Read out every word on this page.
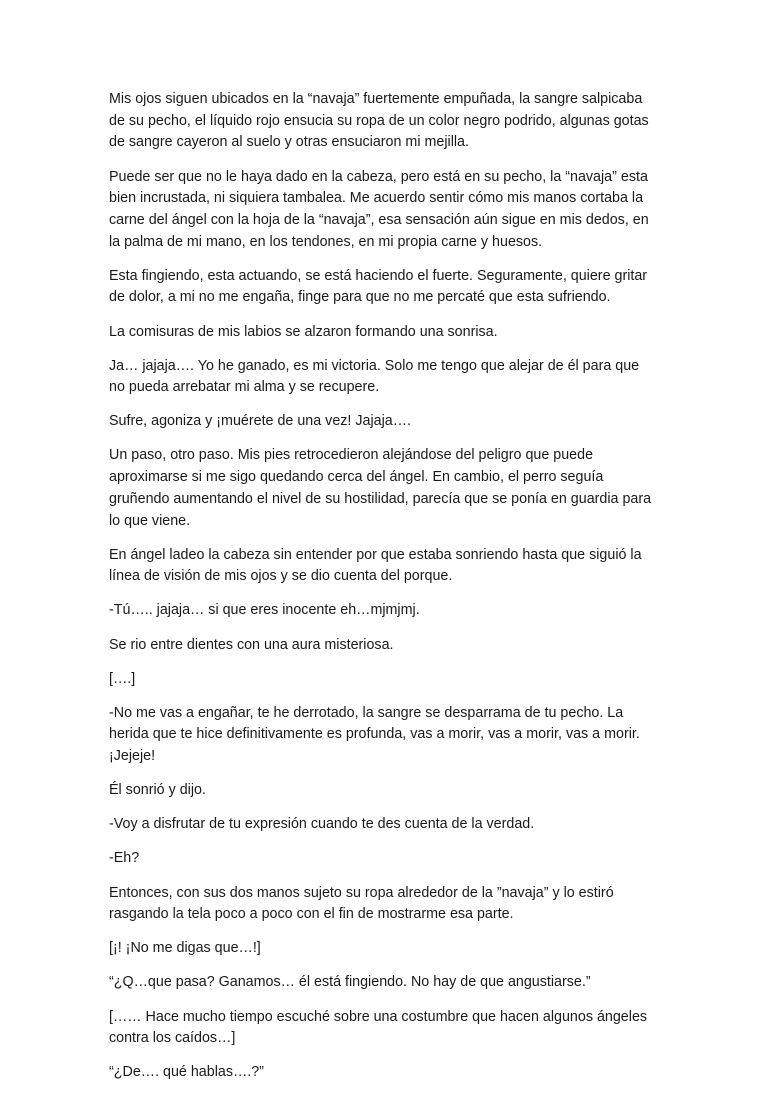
Mis ojos siguen ubicados en la “navaja” fuertemente empuñada, la sangre salpicaba de su pecho, el líquido rojo ensucia su ropa de un color negro podrido, algunas gotas de sangre cayeron al suelo y otras ensuciaron mi mejilla.

Puede ser que no le haya dado en la cabeza, pero está en su pecho, la “navaja” esta bien incrustada, ni siquiera tambalea. Me acuerdo sentir cómo mis manos cortaba la carne del ángel con la hoja de la “navaja”, esa sensación aún sigue en mis dedos, en la palma de mi mano, en los tendones, en mi propia carne y huesos.

Esta fingiendo, esta actuando, se está haciendo el fuerte. Seguramente, quiere gritar de dolor, a mi no me engaña, finge para que no me percaté que esta sufriendo.

La comisuras de mis labios se alzaron formando una sonrisa.

Ja… jajaja…. Yo he ganado, es mi victoria. Solo me tengo que alejar de él para que no pueda arrebatar mi alma y se recupere.

Sufre, agoniza y ¡muérete de una vez! Jajaja….

Un paso, otro paso. Mis pies retrocedieron alejándose del peligro que puede aproximarse si me sigo quedando cerca del ángel. En cambio, el perro seguía gruñendo aumentando el nivel de su hostilidad, parecía que se ponía en guardia para lo que viene.

En ángel ladeo la cabeza sin entender por que estaba sonriendo hasta que siguió la línea de visión de mis ojos y se dio cuenta del porque.

-Tú….. jajaja… si que eres inocente eh…mjmjmj.

Se rio entre dientes con una aura misteriosa.

[….]

-No me vas a engañar, te he derrotado, la sangre se desparrama de tu pecho. La herida que te hice definitivamente es profunda, vas a morir, vas a morir, vas a morir. ¡Jejeje!

Él sonrió y dijo.

-Voy a disfrutar de tu expresión cuando te des cuenta de la verdad.

-Eh?

Entonces, con sus dos manos sujeto su ropa alrededor de la ”navaja” y lo estiró rasgando la tela poco a poco con el fin de mostrarme esa parte.

[¡! ¡No me digas que…!]

“¿Q…que pasa? Ganamos… él está fingiendo. No hay de que angustiarse.”

[…… Hace mucho tiempo escuché sobre una costumbre que hacen algunos ángeles contra los caídos…]

“¿De…. qué hablas….?”
